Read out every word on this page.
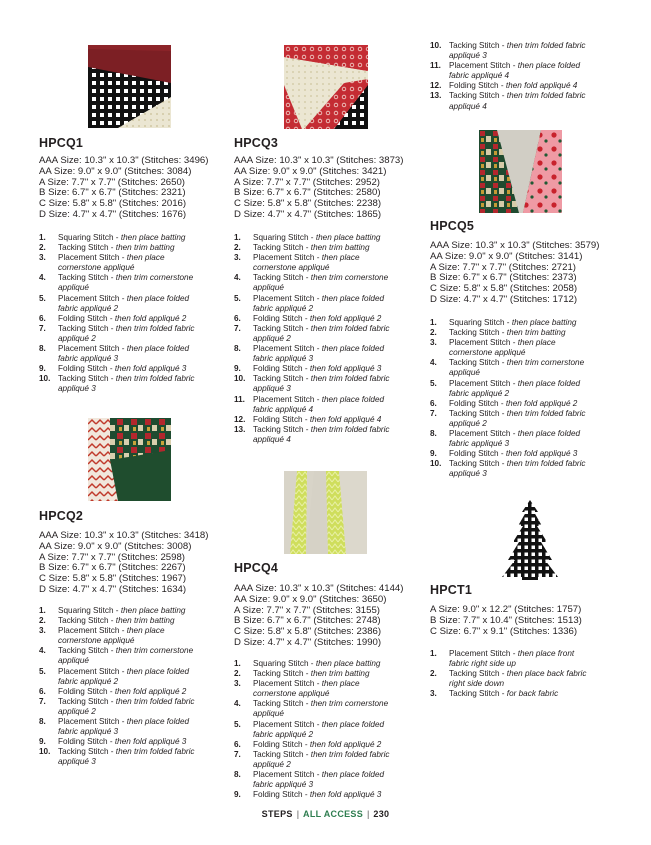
HPCQ1
AAA Size: 10.3" x 10.3" (Stitches: 3496)
AA Size: 9.0" x 9.0" (Stitches: 3084)
A Size: 7.7" x 7.7" (Stitches: 2650)
B Size: 6.7" x 6.7" (Stitches: 2321)
C Size: 5.8" x 5.8" (Stitches: 2016)
D Size: 4.7" x 4.7" (Stitches: 1676)
1. Squaring Stitch - then place batting
2. Tacking Stitch - then trim batting
3. Placement Stitch - then place
cornerstone appliqué
4. Tacking Stitch - then trim cornerstone
appliqué
5. Placement Stitch - then place folded
fabric appliqué 2
6. Folding Stitch - then fold appliqué 2
7. Tacking Stitch - then trim folded fabric
appliqué 2
8. Placement Stitch - then place folded
fabric appliqué 3
9. Folding Stitch - then fold appliqué 3
10. Tacking Stitch - then trim folded fabric
appliqué 3
HPCQ2
AAA Size: 10.3" x 10.3" (Stitches: 3418)
AA Size: 9.0" x 9.0" (Stitches: 3008)
A Size: 7.7" x 7.7" (Stitches: 2598)
B Size: 6.7" x 6.7" (Stitches: 2267)
C Size: 5.8" x 5.8" (Stitches: 1967)
D Size: 4.7" x 4.7" (Stitches: 1634)
1. Squaring Stitch - then place batting
2. Tacking Stitch - then trim batting
3. Placement Stitch - then place
cornerstone appliqué
4. Tacking Stitch - then trim cornerstone
appliqué
5. Placement Stitch - then place folded
fabric appliqué 2
6. Folding Stitch - then fold appliqué 2
7. Tacking Stitch - then trim folded fabric
appliqué 2
8. Placement Stitch - then place folded
fabric appliqué 3
9. Folding Stitch - then fold appliqué 3
10. Tacking Stitch - then trim folded fabric
appliqué 3
HPCQ3
AAA Size: 10.3" x 10.3" (Stitches: 3873)
AA Size: 9.0" x 9.0" (Stitches: 3421)
A Size: 7.7" x 7.7" (Stitches: 2952)
B Size: 6.7" x 6.7" (Stitches: 2580)
C Size: 5.8" x 5.8" (Stitches: 2238)
D Size: 4.7" x 4.7" (Stitches: 1865)
1. Squaring Stitch - then place batting
2. Tacking Stitch - then trim batting
3. Placement Stitch - then place
cornerstone appliqué
4. Tacking Stitch - then trim cornerstone
appliqué
5. Placement Stitch - then place folded
fabric appliqué 2
6. Folding Stitch - then fold appliqué 2
7. Tacking Stitch - then trim folded fabric
appliqué 2
8. Placement Stitch - then place folded
fabric appliqué 3
9. Folding Stitch - then fold appliqué 3
10. Tacking Stitch - then trim folded fabric
appliqué 3
11. Placement Stitch - then place folded
fabric appliqué 4
12. Folding Stitch - then fold appliqué 4
13. Tacking Stitch - then trim folded fabric
appliqué 4
HPCQ4
AAA Size: 10.3" x 10.3" (Stitches: 4144)
AA Size: 9.0" x 9.0" (Stitches: 3650)
A Size: 7.7" x 7.7" (Stitches: 3155)
B Size: 6.7" x 6.7" (Stitches: 2748)
C Size: 5.8" x 5.8" (Stitches: 2386)
D Size: 4.7" x 4.7" (Stitches: 1990)
1. Squaring Stitch - then place batting
2. Tacking Stitch - then trim batting
3. Placement Stitch - then place
cornerstone appliqué
4. Tacking Stitch - then trim cornerstone
appliqué
5. Placement Stitch - then place folded
fabric appliqué 2
6. Folding Stitch - then fold appliqué 2
7. Tacking Stitch - then trim folded fabric
appliqué 2
8. Placement Stitch - then place folded
fabric appliqué 3
9. Folding Stitch - then fold appliqué 3
10. Tacking Stitch - then trim folded fabric
appliqué 3
11. Placement Stitch - then place folded
fabric appliqué 4
12. Folding Stitch - then fold appliqué 4
13. Tacking Stitch - then trim folded fabric
appliqué 4
HPCQ5
AAA Size: 10.3" x 10.3" (Stitches: 3579)
AA Size: 9.0" x 9.0" (Stitches: 3141)
A Size: 7.7" x 7.7" (Stitches: 2721)
B Size: 6.7" x 6.7" (Stitches: 2373)
C Size: 5.8" x 5.8" (Stitches: 2058)
D Size: 4.7" x 4.7" (Stitches: 1712)
1. Squaring Stitch - then place batting
2. Tacking Stitch - then trim batting
3. Placement Stitch - then place
cornerstone appliqué
4. Tacking Stitch - then trim cornerstone
appliqué
5. Placement Stitch - then place folded
fabric appliqué 2
6. Folding Stitch - then fold appliqué 2
7. Tacking Stitch - then trim folded fabric
appliqué 2
8. Placement Stitch - then place folded
fabric appliqué 3
9. Folding Stitch - then fold appliqué 3
10. Tacking Stitch - then trim folded fabric
appliqué 3
HPCT1
A Size: 9.0" x 12.2" (Stitches: 1757)
B Size: 7.7" x 10.4" (Stitches: 1513)
C Size: 6.7" x 9.1" (Stitches: 1336)
1. Placement Stitch - then place front
fabric right side up
2. Tacking Stitch - then place back fabric
right side down
3. Tacking Stitch - for back fabric
STEPS | ALL ACCESS | 230
